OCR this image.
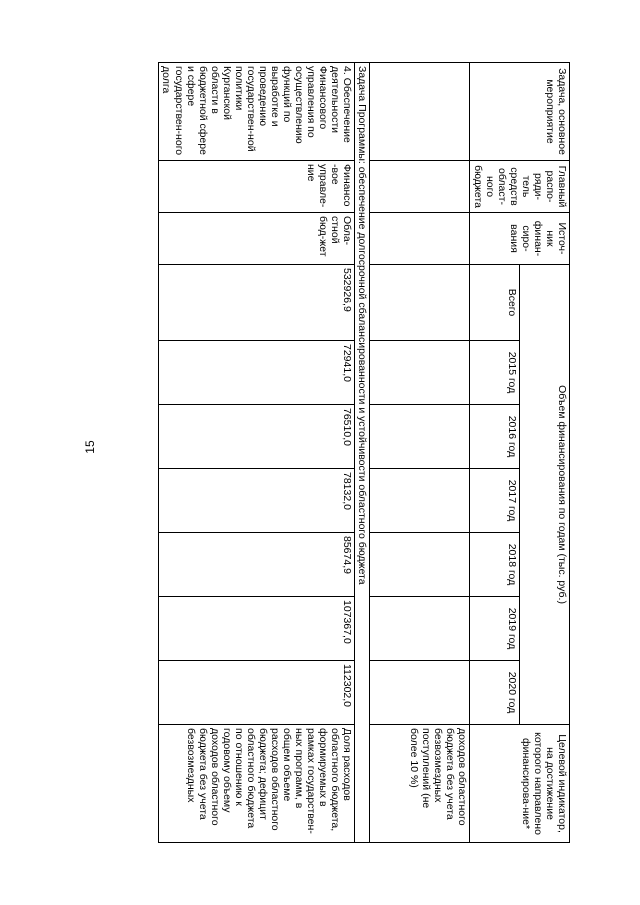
15
Задача, основное мероприятие	Главный распо-ряди-тель средств област-ного бюджета	Источ-ник финан-сиро-вания	Объем финансирования по годам (тыс. руб.)							Целевой индикатор, на достижение которого направлено финансирова-ние*
			Всего	2015 год	2016 год	2017 год	2018 год	2019 год	2020 год	
										доходов областного бюджета без учета безвозмездных поступлений (не более 10 %)
Задача Программы: обеспечение долгосрочной сбалансированности и устойчивости областного бюджета										
4. Обеспечение деятельности Финансового управления по осуществлению функций по выработке и проведению государствен-ной политики Курганской области в бюджетной сфере и сфере государствен-ного долга	Финансо-вое управле-ние	Обла-стной бюд-жет	532926,9	72941,0	76510,0	78132,0	85674,9	107367,0	112302,0	Доля расходов областного бюджета, формируемых в рамках государствен-ных программ, в общем объеме расходов областного бюджета; дефицит областного бюджета по отношению к годовому объему доходов областного бюджета без учета безвозмездных
